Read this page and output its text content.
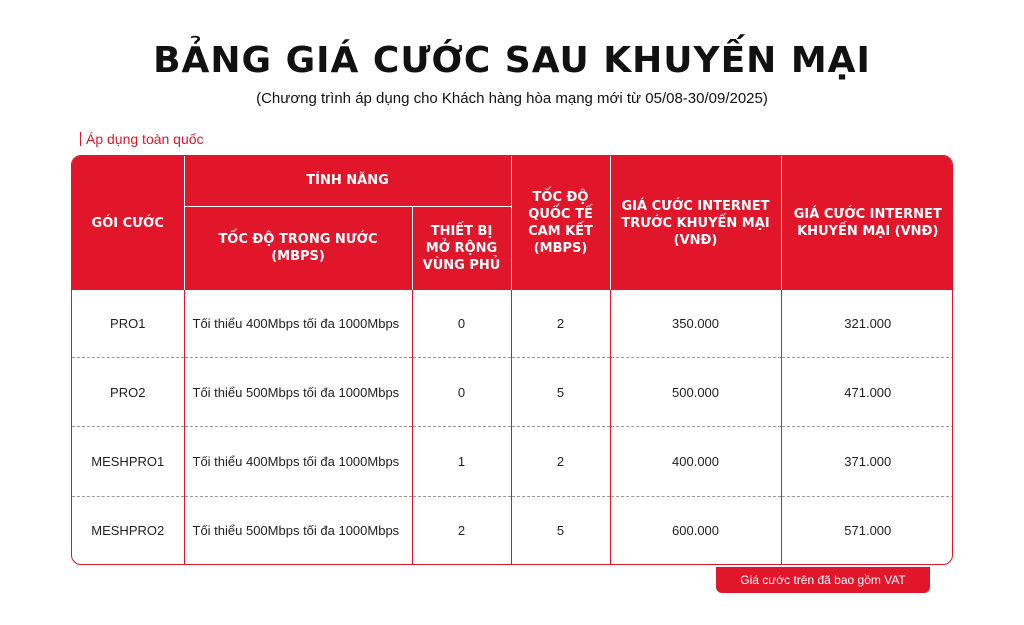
BẢNG GIÁ CƯỚC SAU KHUYẾN MẠI
(Chương trình áp dụng cho Khách hàng hòa mạng mới từ 05/08-30/09/2025)
Áp dụng toàn quốc
GÓI CƯỚC	TÍNH NĂNG		TỐC ĐỘ QUỐC TẾ CAM KẾT (MBPS)	GIÁ CƯỚC INTERNET TRƯỚC KHUYẾN MẠI (VNĐ)	GIÁ CƯỚC INTERNET KHUYẾN MẠI (VNĐ)
	TỐC ĐỘ TRONG NƯỚC (MBPS)	THIẾT BỊ MỞ RỘNG VÙNG PHỦ			
PRO1	Tối thiểu 400Mbps tối đa 1000Mbps	0	2	350.000	321.000
PRO2	Tối thiểu 500Mbps tối đa 1000Mbps	0	5	500.000	471.000
MESHPRO1	Tối thiểu 400Mbps tối đa 1000Mbps	1	2	400.000	371.000
MESHPRO2	Tối thiểu 500Mbps tối đa 1000Mbps	2	5	600.000	571.000
Giá cước trên đã bao gồm VAT
